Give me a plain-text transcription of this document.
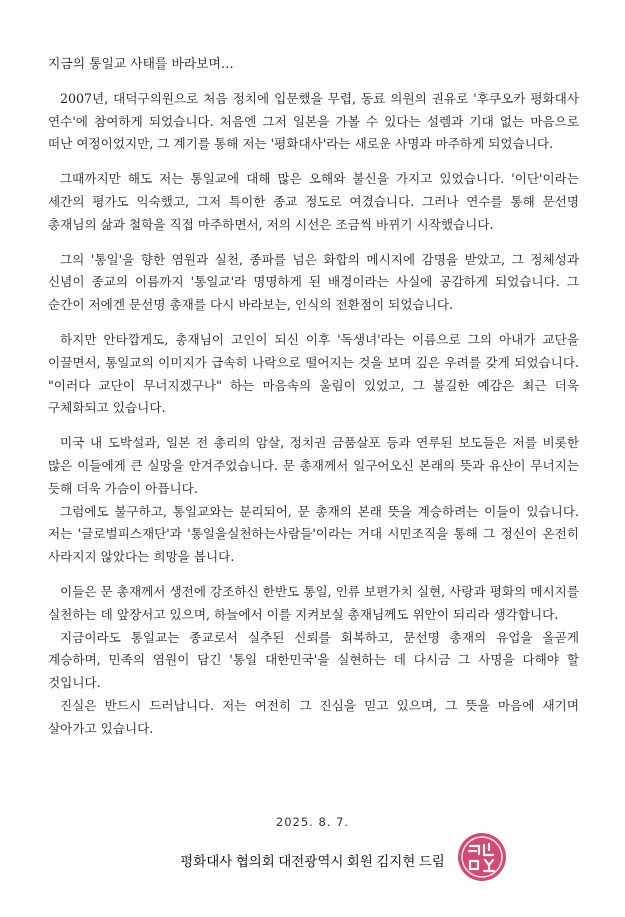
지금의 통일교 사태를 바라보며…

2007년, 대덕구의원으로 처음 정치에 입문했을 무렵, 동료 의원의 권유로 '후쿠오카 평화대사 연수'에 참여하게 되었습니다. 처음엔 그저 일본을 가볼 수 있다는 설렘과 기대 없는 마음으로 떠난 여정이었지만, 그 계기를 통해 저는 '평화대사'라는 새로운 사명과 마주하게 되었습니다.

그때까지만 해도 저는 통일교에 대해 많은 오해와 불신을 가지고 있었습니다. '이단'이라는 세간의 평가도 익숙했고, 그저 특이한 종교 정도로 여겼습니다. 그러나 연수를 통해 문선명 총재님의 삶과 철학을 직접 마주하면서, 저의 시선은 조금씩 바뀌기 시작했습니다.

그의 '통일'을 향한 염원과 실천, 종파를 넘은 화합의 메시지에 감명을 받았고, 그 정체성과 신념이 종교의 이름까지 '통일교'라 명명하게 된 배경이라는 사실에 공감하게 되었습니다. 그 순간이 저에겐 문선명 총재를 다시 바라보는, 인식의 전환점이 되었습니다.

하지만 안타깝게도, 총재님이 고인이 되신 이후 '독생녀'라는 이름으로 그의 아내가 교단을 이끌면서, 통일교의 이미지가 급속히 나락으로 떨어지는 것을 보며 깊은 우려를 갖게 되었습니다. "이러다 교단이 무너지겠구나" 하는 마음속의 울림이 있었고, 그 불길한 예감은 최근 더욱 구체화되고 있습니다.

미국 내 도박설과, 일본 전 총리의 암살, 정치권 금품살포 등과 연루된 보도들은 저를 비롯한 많은 이들에게 큰 실망을 안겨주었습니다. 문 총재께서 일구어오신 본래의 뜻과 유산이 무너지는 듯해 더욱 가슴이 아픕니다.

그럼에도 불구하고, 통일교와는 분리되어, 문 총재의 본래 뜻을 계승하려는 이들이 있습니다. 저는 '글로벌피스재단'과 '통일을실천하는사람들'이라는 거대 시민조직을 통해 그 정신이 온전히 사라지지 않았다는 희망을 봅니다.

이들은 문 총재께서 생전에 강조하신 한반도 통일, 인류 보편가치 실현, 사랑과 평화의 메시지를 실천하는 데 앞장서고 있으며, 하늘에서 이를 지켜보실 총재님께도 위안이 되리라 생각합니다.

지금이라도 통일교는 종교로서 실추된 신뢰를 회복하고, 문선명 총재의 유업을 올곧게 계승하며, 민족의 염원이 담긴 '통일 대한민국'을 실현하는 데 다시금 그 사명을 다해야 할 것입니다.

진실은 반드시 드러납니다. 저는 여전히 그 진심을 믿고 있으며, 그 뜻을 마음에 새기며 살아가고 있습니다.

2025. 8. 7.

평화대사 협의회 대전광역시 회원 김지현 드림
